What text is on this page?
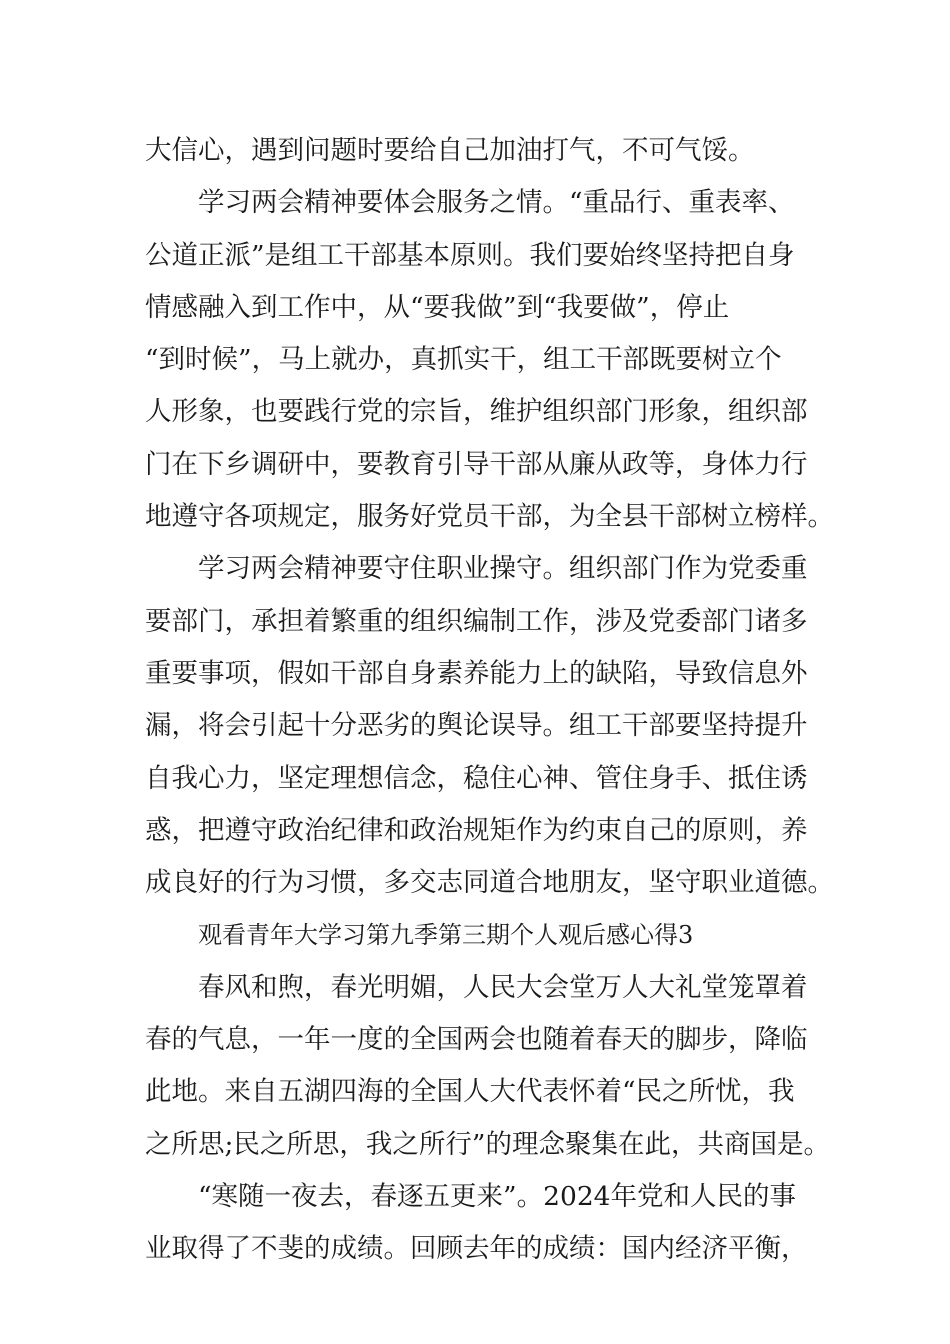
大信心，遇到问题时要给自己加油打气，不可气馁。
学习两会精神要体会服务之情。“重品行、重表率、
公道正派”是组工干部基本原则。我们要始终坚持把自身
情感融入到工作中，从“要我做”到“我要做”，停止
“到时候”，马上就办，真抓实干，组工干部既要树立个
人形象，也要践行党的宗旨，维护组织部门形象，组织部
门在下乡调研中，要教育引导干部从廉从政等，身体力行
地遵守各项规定，服务好党员干部，为全县干部树立榜样。
学习两会精神要守住职业操守。组织部门作为党委重
要部门，承担着繁重的组织编制工作，涉及党委部门诸多
重要事项，假如干部自身素养能力上的缺陷，导致信息外
漏，将会引起十分恶劣的舆论误导。组工干部要坚持提升
自我心力，坚定理想信念，稳住心神、管住身手、抵住诱
惑，把遵守政治纪律和政治规矩作为约束自己的原则，养
成良好的行为习惯，多交志同道合地朋友，坚守职业道德。
观看青年大学习第九季第三期个人观后感心得3
春风和煦，春光明媚，人民大会堂万人大礼堂笼罩着
春的气息，一年一度的全国两会也随着春天的脚步，降临
此地。来自五湖四海的全国人大代表怀着“民之所忧，我
之所思;民之所思，我之所行”的理念聚集在此，共商国是。
“寒随一夜去，春逐五更来”。2024年党和人民的事
业取得了不斐的成绩。回顾去年的成绩：国内经济平衡，
